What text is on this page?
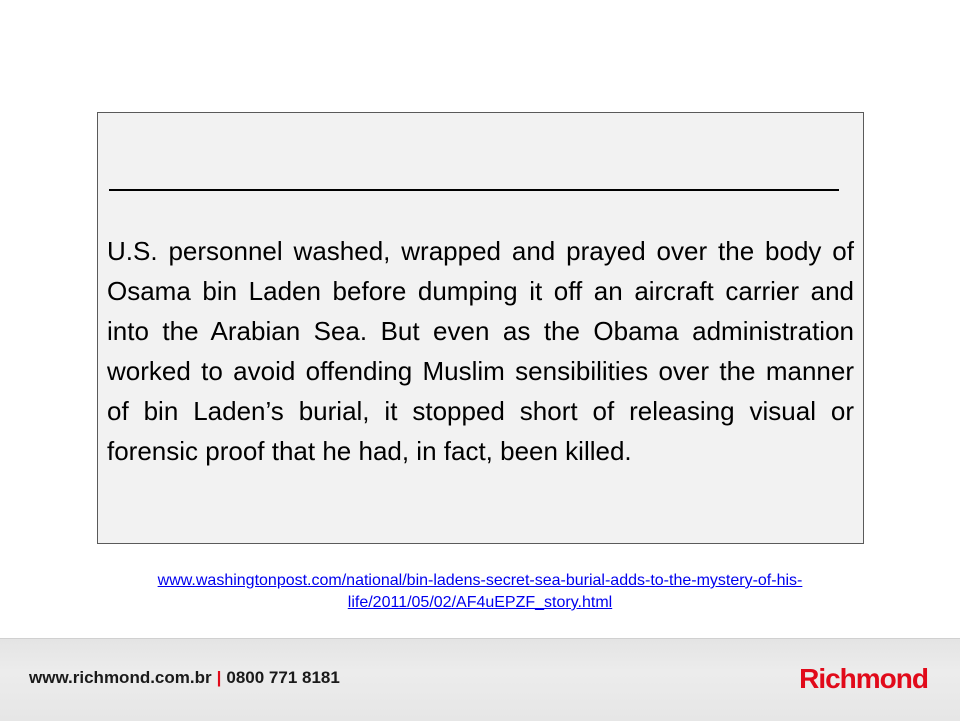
U.S. personnel washed, wrapped and prayed over the body of Osama bin Laden before dumping it off an aircraft carrier and into the Arabian Sea. But even as the Obama administration worked to avoid offending Muslim sensibilities over the manner of bin Laden’s burial, it stopped short of releasing visual or forensic proof that he had, in fact, been killed.

www.washingtonpost.com/national/bin-ladens-secret-sea-burial-adds-to-the-mystery-of-his-life/2011/05/02/AF4uEPZF_story.html

www.richmond.com.br | 0800 771 8181	Richmond
